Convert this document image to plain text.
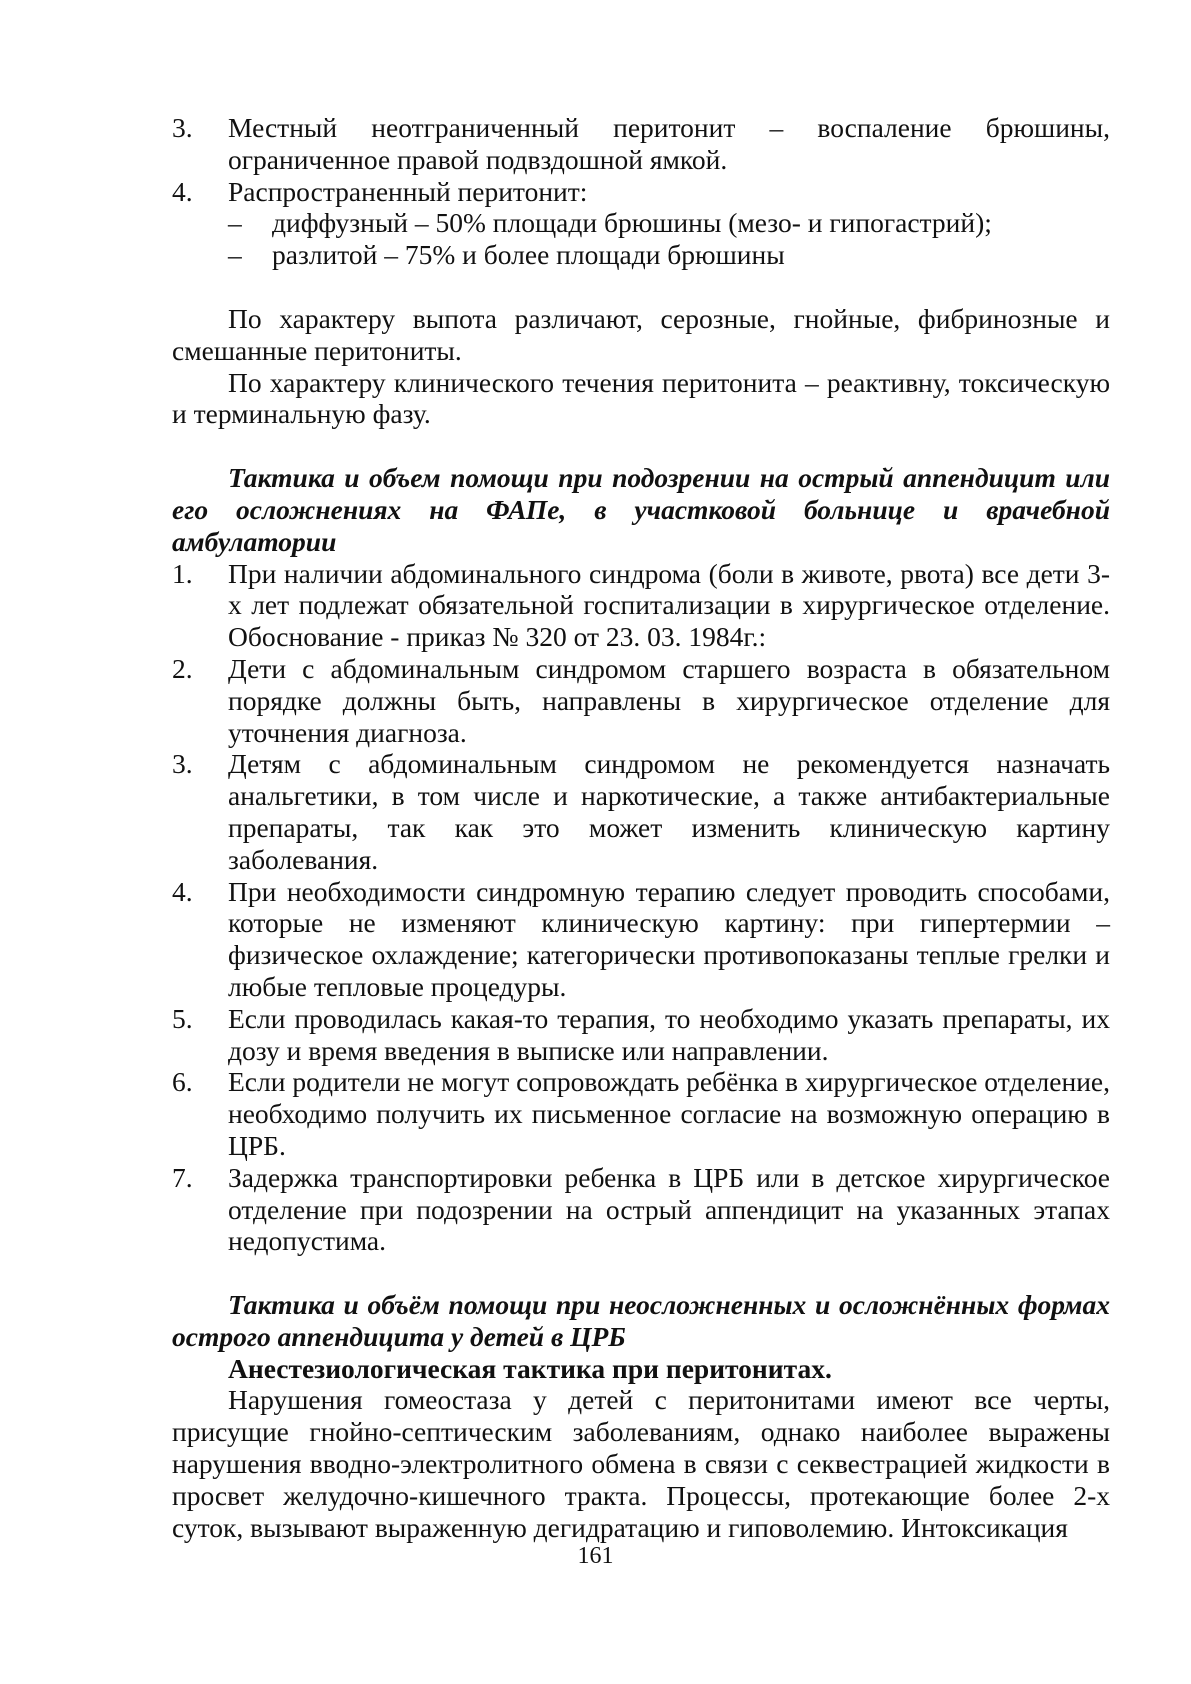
3. Местный неотграниченный перитонит – воспаление брюшины, ограниченное правой подвздошной ямкой.
4. Распространенный перитонит:
– диффузный – 50% площади брюшины (мезо- и гипогастрий);
– разлитой – 75% и более площади брюшины
По характеру выпота различают, серозные, гнойные, фибринозные и смешанные перитониты.
По характеру клинического течения перитонита – реактивну, токсическую и терминальную фазу.
Тактика и объем помощи при подозрении на острый аппендицит или его осложнениях на ФАПе, в участковой больнице и врачебной амбулатории
1. При наличии абдоминального синдрома (боли в животе, рвота) все дети 3-х лет подлежат обязательной госпитализации в хирургическое отделение. Обоснование - приказ № 320 от 23. 03. 1984г.:
2. Дети с абдоминальным синдромом старшего возраста в обязательном порядке должны быть, направлены в хирургическое отделение для уточнения диагноза.
3. Детям с абдоминальным синдромом не рекомендуется назначать анальгетики, в том числе и наркотические, а также антибактериальные препараты, так как это может изменить клиническую картину заболевания.
4. При необходимости синдромную терапию следует проводить способами, которые не изменяют клиническую картину: при гипертермии – физическое охлаждение; категорически противопоказаны теплые грелки и любые тепловые процедуры.
5. Если проводилась какая-то терапия, то необходимо указать препараты, их дозу и время введения в выписке или направлении.
6. Если родители не могут сопровождать ребёнка в хирургическое отделение, необходимо получить их письменное согласие на возможную операцию в ЦРБ.
7. Задержка транспортировки ребенка в ЦРБ или в детское хирургическое отделение при подозрении на острый аппендицит на указанных этапах недопустима.
Тактика и объём помощи при неосложненных и осложнённых формах острого аппендицита у детей в ЦРБ
Анестезиологическая тактика при перитонитах.
Нарушения гомеостаза у детей с перитонитами имеют все черты, присущие гнойно-септическим заболеваниям, однако наиболее выражены нарушения вводно-электролитного обмена в связи с секвестрацией жидкости в просвет желудочно-кишечного тракта. Процессы, протекающие более 2-х суток, вызывают выраженную дегидратацию и гиповолемию. Интоксикация
161
